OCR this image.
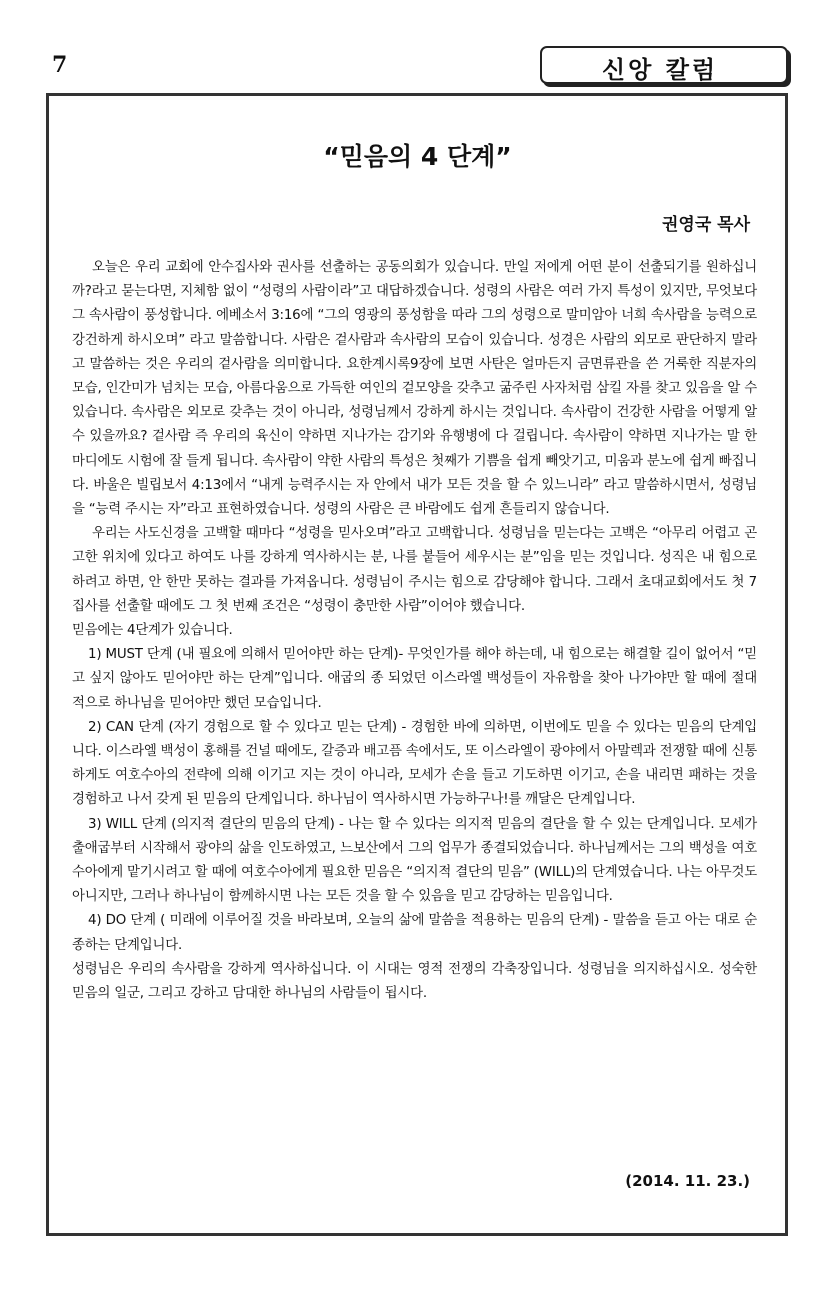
7	신앙 칼럼
“믿음의 4 단계”
권영국 목사

오늘은 우리 교회에 안수집사와 권사를 선출하는 공동의회가 있습니다. 만일 저에게 어떤 분이 선출되기를 원하십니까?라고 묻는다면, 지체함 없이 “성령의 사람이라”고 대답하겠습니다. 성령의 사람은 여러 가지 특성이 있지만, 무엇보다 그 속사람이 풍성합니다. 에베소서 3:16에 “그의 영광의 풍성함을 따라 그의 성령으로 말미암아 너희 속사람을 능력으로 강건하게 하시오며” 라고 말씀합니다. 사람은 겉사람과 속사람의 모습이 있습니다. 성경은 사람의 외모로 판단하지 말라고 말씀하는 것은 우리의 겉사람을 의미합니다. 요한계시록9장에 보면 사탄은 얼마든지 금면류관을 쓴 거룩한 직분자의 모습, 인간미가 넘치는 모습, 아름다움으로 가득한 여인의 겉모양을 갖추고 굶주린 사자처럼 삼킬 자를 찾고 있음을 알 수 있습니다. 속사람은 외모로 갖추는 것이 아니라, 성령님께서 강하게 하시는 것입니다. 속사람이 건강한 사람을 어떻게 알 수 있을까요? 겉사람 즉 우리의 육신이 약하면 지나가는 감기와 유행병에 다 걸립니다. 속사람이 약하면 지나가는 말 한마디에도 시험에 잘 들게 됩니다. 속사람이 약한 사람의 특성은 첫째가 기쁨을 쉽게 빼앗기고, 미움과 분노에 쉽게 빠집니다. 바울은 빌립보서 4:13에서 “내게 능력주시는 자 안에서 내가 모든 것을 할 수 있느니라” 라고 말씀하시면서, 성령님을 “능력 주시는 자”라고 표현하였습니다. 성령의 사람은 큰 바람에도 쉽게 흔들리지 않습니다.

우리는 사도신경을 고백할 때마다 “성령을 믿사오며”라고 고백합니다. 성령님을 믿는다는 고백은 “아무리 어렵고 곤고한 위치에 있다고 하여도 나를 강하게 역사하시는 분, 나를 붙들어 세우시는 분”임을 믿는 것입니다. 성직은 내 힘으로 하려고 하면, 안 한만 못하는 결과를 가져옵니다. 성령님이 주시는 힘으로 감당해야 합니다. 그래서 초대교회에서도 첫 7집사를 선출할 때에도 그 첫 번째 조건은 “성령이 충만한 사람”이어야 했습니다.

믿음에는 4단계가 있습니다.

1) MUST 단계 (내 필요에 의해서 믿어야만 하는 단계)- 무엇인가를 해야 하는데, 내 힘으로는 해결할 길이 없어서 “믿고 싶지 않아도 믿어야만 하는 단계”입니다. 애굽의 종 되었던 이스라엘 백성들이 자유함을 찾아 나가야만 할 때에 절대적으로 하나님을 믿어야만 했던 모습입니다.

2) CAN 단계 (자기 경험으로 할 수 있다고 믿는 단계) - 경험한 바에 의하면, 이번에도 믿을 수 있다는 믿음의 단계입니다. 이스라엘 백성이 홍해를 건널 때에도, 갈증과 배고픔 속에서도, 또 이스라엘이 광야에서 아말렉과 전쟁할 때에 신통하게도 여호수아의 전략에 의해 이기고 지는 것이 아니라, 모세가 손을 들고 기도하면 이기고, 손을 내리면 패하는 것을 경험하고 나서 갖게 된 믿음의 단계입니다. 하나님이 역사하시면 가능하구나!를 깨달은 단계입니다.

3) WILL 단계 (의지적 결단의 믿음의 단계) - 나는 할 수 있다는 의지적 믿음의 결단을 할 수 있는 단계입니다. 모세가 출애굽부터 시작해서 광야의 삶을 인도하였고, 느보산에서 그의 업무가 종결되었습니다. 하나님께서는 그의 백성을 여호수아에게 맡기시려고 할 때에 여호수아에게 필요한 믿음은 “의지적 결단의 믿음” (WILL)의 단계였습니다. 나는 아무것도 아니지만, 그러나 하나님이 함께하시면 나는 모든 것을 할 수 있음을 믿고 감당하는 믿음입니다.

4) DO 단계 ( 미래에 이루어질 것을 바라보며, 오늘의 삶에 말씀을 적용하는 믿음의 단계) - 말씀을 듣고 아는 대로 순종하는 단계입니다.

성령님은 우리의 속사람을 강하게 역사하십니다. 이 시대는 영적 전쟁의 각축장입니다. 성령님을 의지하십시오. 성숙한 믿음의 일군, 그리고 강하고 담대한 하나님의 사람들이 됩시다.

(2014. 11. 23.)
